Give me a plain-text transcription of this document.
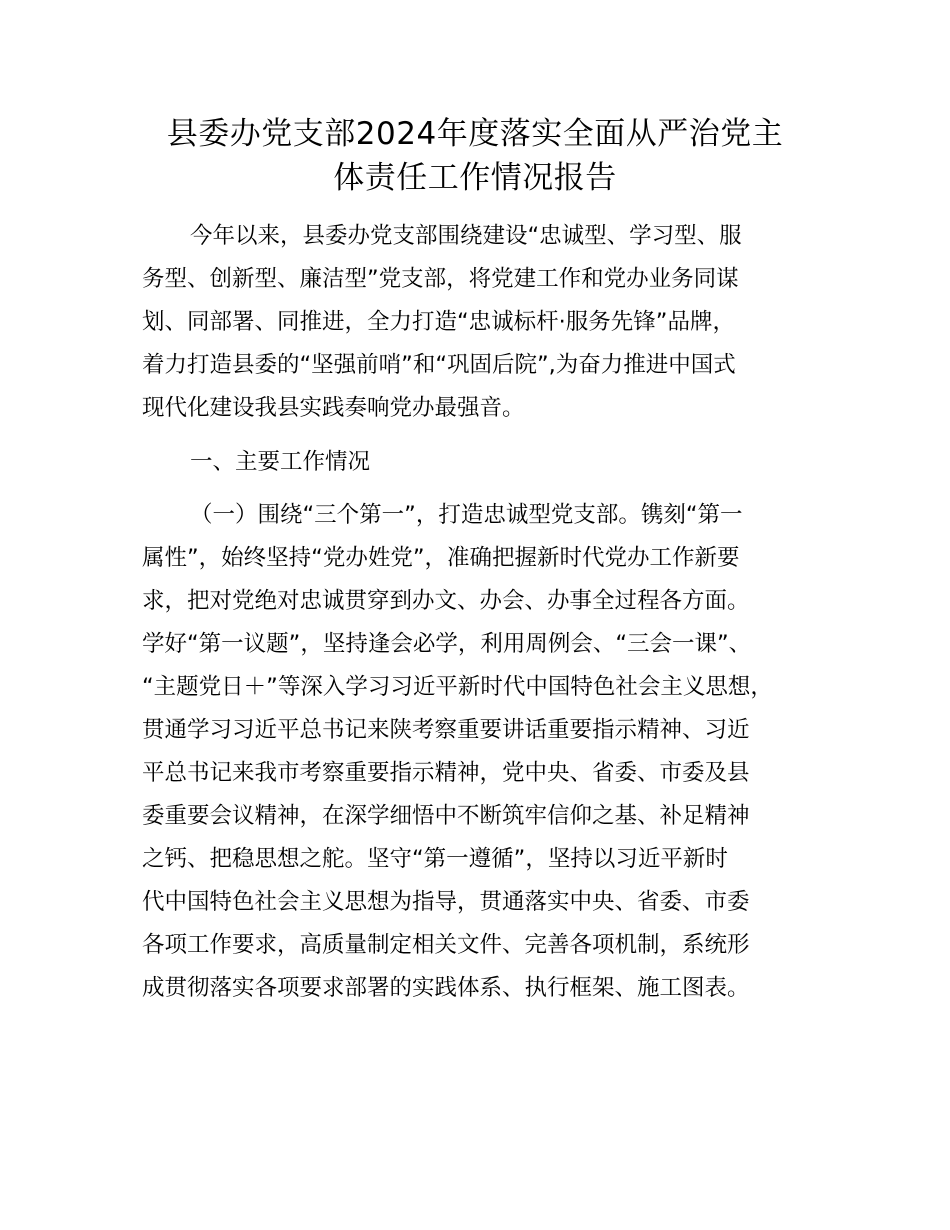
县委办党支部2024年度落实全面从严治党主
体责任工作情况报告
今年以来，县委办党支部围绕建设“忠诚型、学习型、服
务型、创新型、廉洁型”党支部，将党建工作和党办业务同谋
划、同部署、同推进，全力打造“忠诚标杆·服务先锋”品牌，
着力打造县委的“坚强前哨”和“巩固后院”,为奋力推进中国式
现代化建设我县实践奏响党办最强音。
一、主要工作情况
（一）围绕“三个第一”，打造忠诚型党支部。镌刻“第一
属性”，始终坚持“党办姓党”，准确把握新时代党办工作新要
求，把对党绝对忠诚贯穿到办文、办会、办事全过程各方面。
学好“第一议题”，坚持逢会必学，利用周例会、“三会一课”、
“主题党日＋”等深入学习习近平新时代中国特色社会主义思想，
贯通学习习近平总书记来陕考察重要讲话重要指示精神、习近
平总书记来我市考察重要指示精神，党中央、省委、市委及县
委重要会议精神，在深学细悟中不断筑牢信仰之基、补足精神
之钙、把稳思想之舵。坚守“第一遵循”，坚持以习近平新时
代中国特色社会主义思想为指导，贯通落实中央、省委、市委
各项工作要求，高质量制定相关文件、完善各项机制，系统形
成贯彻落实各项要求部署的实践体系、执行框架、施工图表。
